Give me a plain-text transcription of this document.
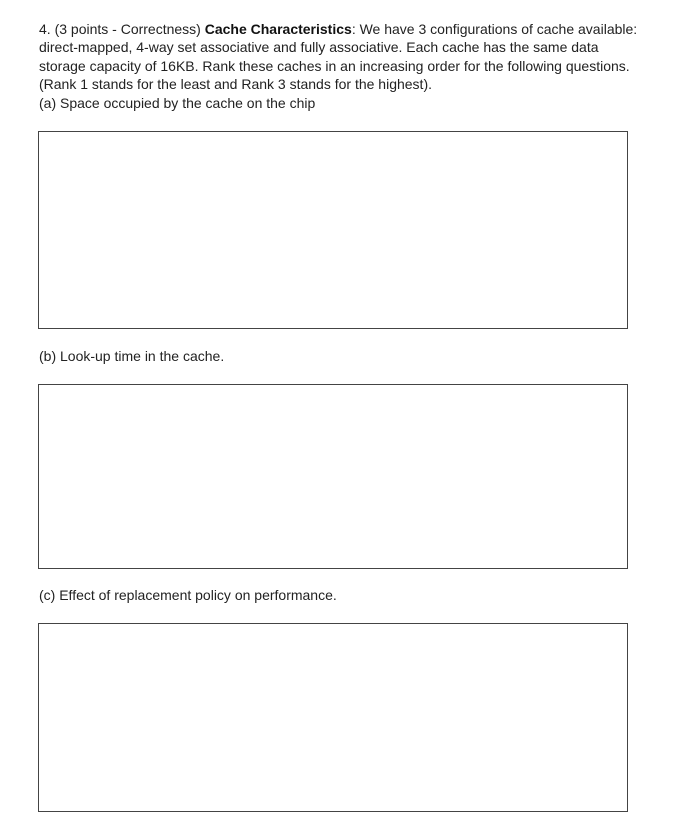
4. (3 points - Correctness) Cache Characteristics: We have 3 configurations of cache available: direct-mapped, 4-way set associative and fully associative. Each cache has the same data storage capacity of 16KB. Rank these caches in an increasing order for the following questions. (Rank 1 stands for the least and Rank 3 stands for the highest).
(a) Space occupied by the cache on the chip

(b) Look-up time in the cache.

(c) Effect of replacement policy on performance.
